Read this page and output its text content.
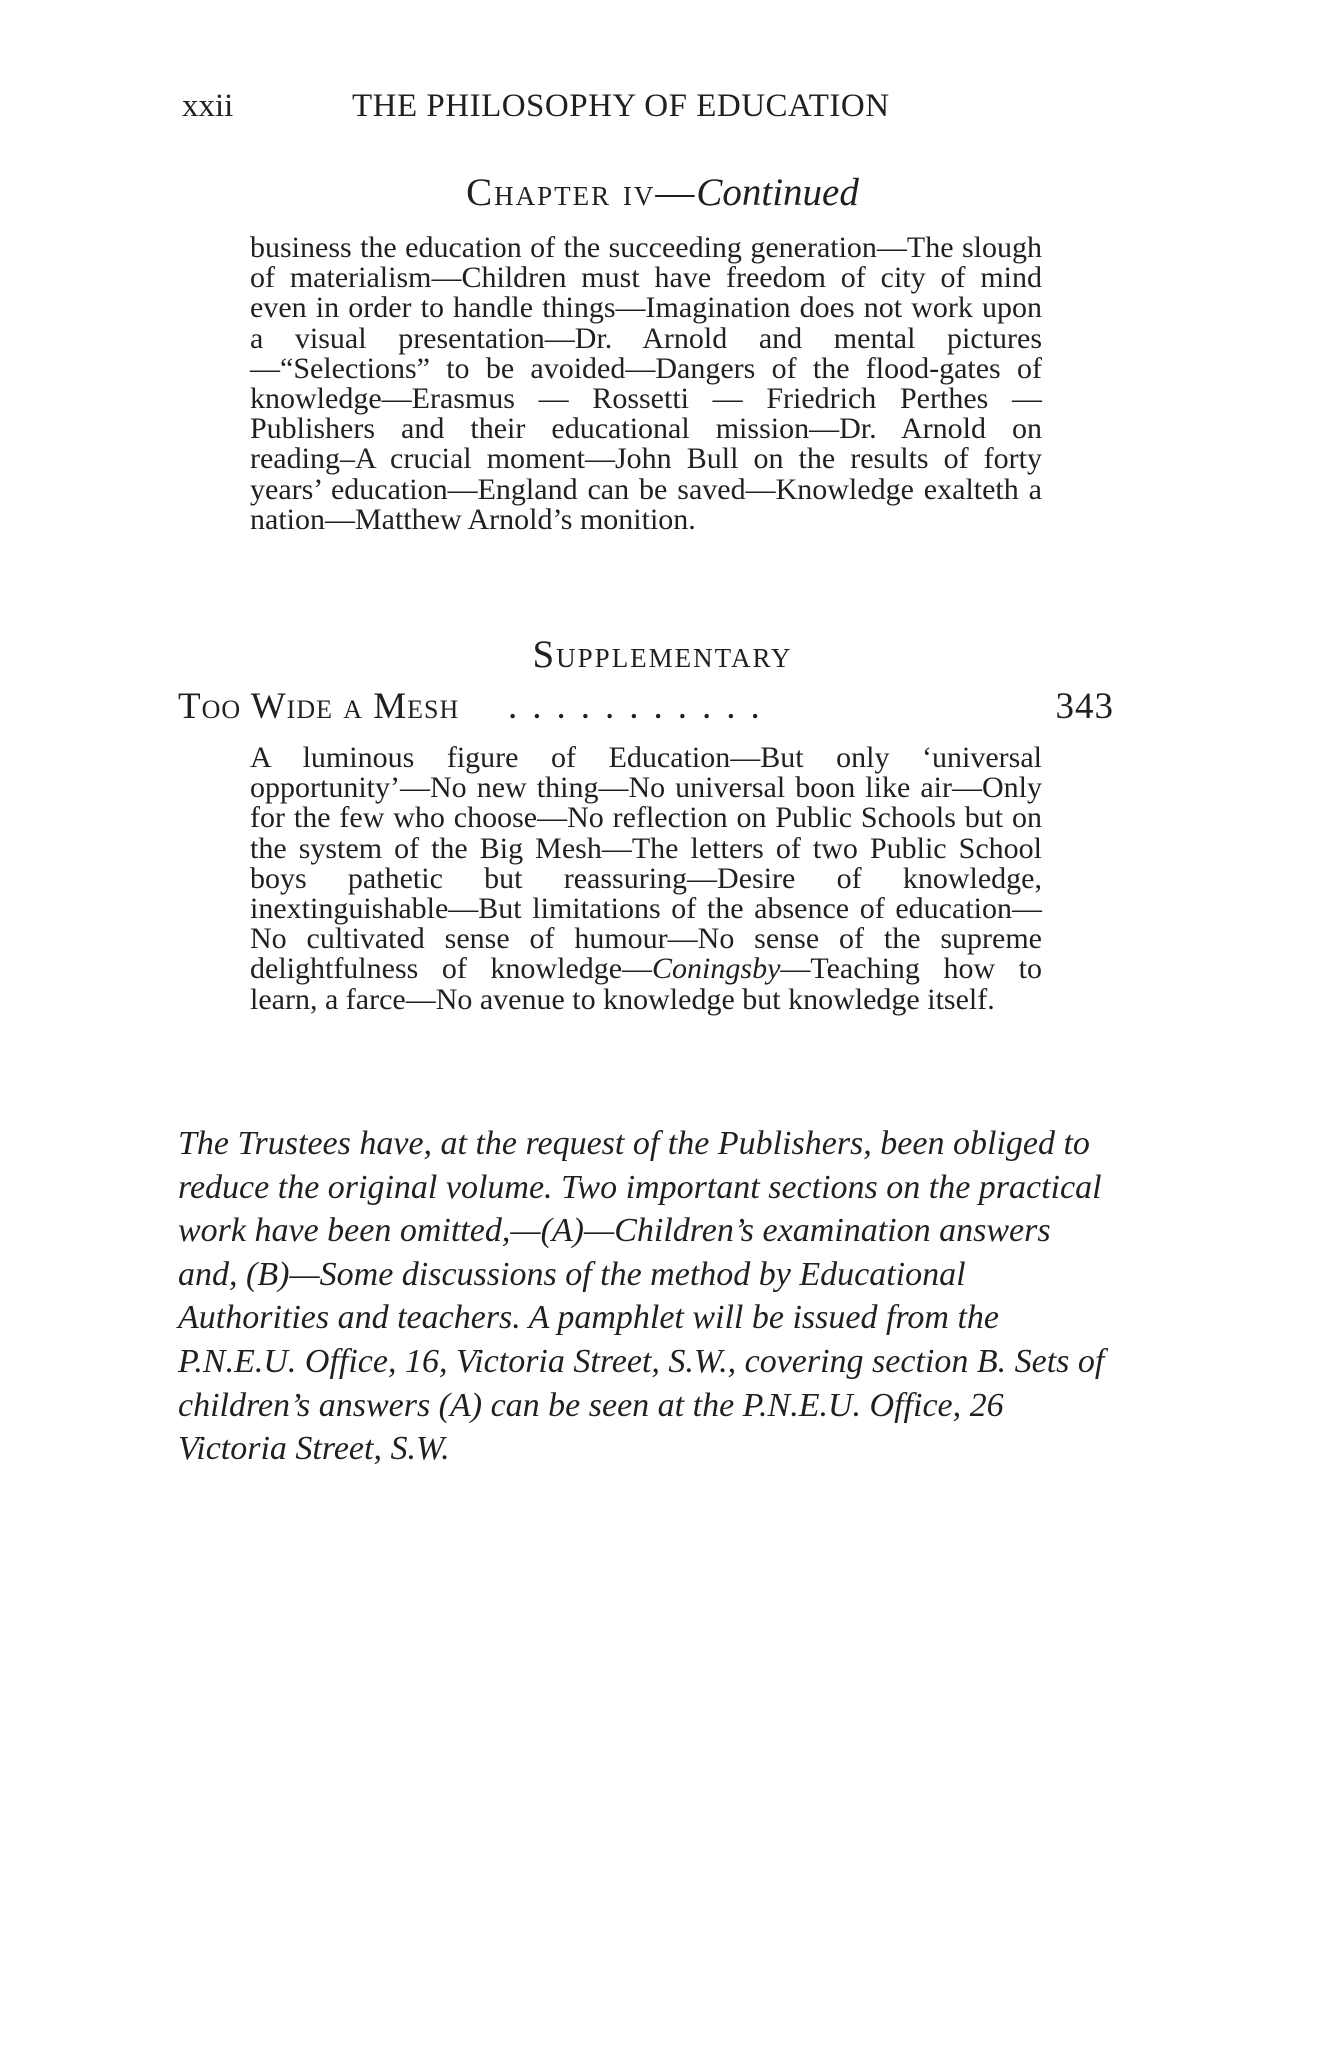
xxii	THE PHILOSOPHY OF EDUCATION
Chapter iv—Continued

business the education of the succeeding generation—The slough of materialism—Children must have freedom of city of mind even in order to handle things—Imagination does not work upon a visual presentation—Dr. Arnold and mental pictures—“Selections” to be avoided—Dangers of the flood-gates of knowledge—Erasmus — Rossetti — Friedrich Perthes — Publishers and their educational mission—Dr. Arnold on reading–A crucial moment—John Bull on the results of forty years’ education—England can be saved—Knowledge exalteth a nation—Matthew Arnold’s monition.

Supplementary
Too Wide a Mesh ...........	343

A luminous figure of Education—But only ‘universal opportunity’—No new thing—No universal boon like air—Only for the few who choose—No reflection on Public Schools but on the system of the Big Mesh—The letters of two Public School boys pathetic but reassuring—Desire of knowledge, inextinguishable—But limitations of the absence of education—No cultivated sense of humour—No sense of the supreme delightfulness of knowledge—Coningsby—Teaching how to learn, a farce—No avenue to knowledge but knowledge itself.

The Trustees have, at the request of the Publishers, been obliged to reduce the original volume. Two important sections on the practical work have been omitted,—(A)—Children’s examination answers and, (B)—Some discussions of the method by Educational Authorities and teachers. A pamphlet will be issued from the P.N.E.U. Office, 16, Victoria Street, S.W., covering section B. Sets of children’s answers (A) can be seen at the P.N.E.U. Office, 26 Victoria Street, S.W.
